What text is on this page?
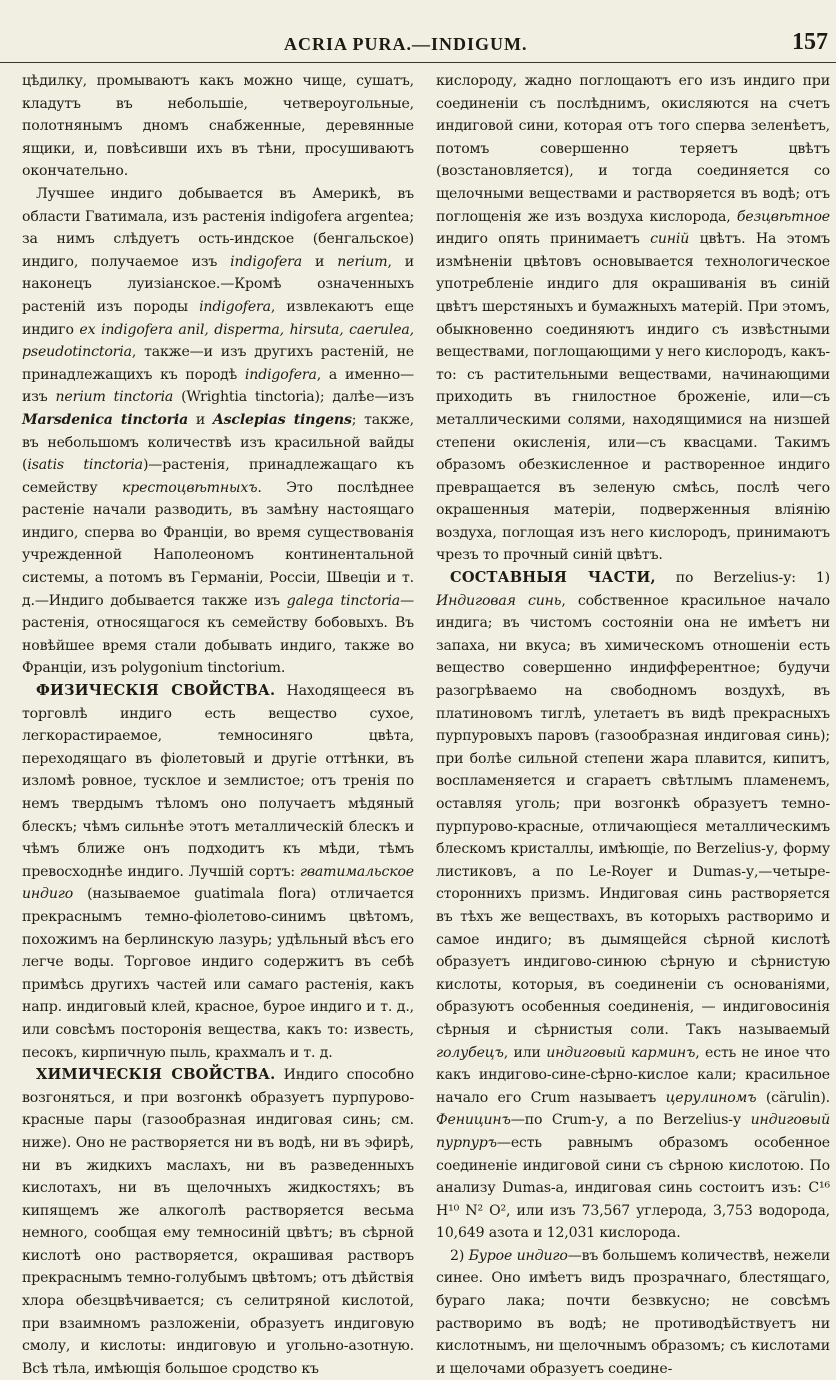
ACRIA PURA.—INDIGUM.	157

цѣдилку, промываютъ какъ можно чище, сушатъ, кладутъ въ небольшіе, четвероугольные, полотнянымъ дномъ снабженные, деревянные ящики, и, повѣсивши ихъ въ тѣни, просушиваютъ окончательно.

Лучшее индиго добывается въ Америкѣ, въ области Гватимала, изъ растенія indigofera argentea; за нимъ слѣдуетъ ость-индское (бенгальское) индиго, получаемое изъ indigofera и nerium, и наконецъ луизіанское.—Кромѣ означенныхъ растеній изъ породы indigofera, извлекаютъ еще индиго ex indigofera anil, disperma, hirsuta, caerulea, pseudotinctoria, также—и изъ другихъ растеній, не принадлежащихъ къ породѣ indigofera, а именно—изъ nerium tinctoria (Wrightia tinctoria); далѣе—изъ Marsdenica tinctoria и Asclepias tingens; также, въ небольшомъ количествѣ изъ красильной вайды (isatis tinctoria)—растенія, принадлежащаго къ семейству крестоцвѣтныхъ. Это послѣднее растеніе начали разводить, въ замѣну настоящаго индиго, сперва во Франціи, во время существованія учрежденной Наполеономъ континентальной системы, а потомъ въ Германіи, Россіи, Швеціи и т. д.—Индиго добывается также изъ galega tinctoria—растенія, относящагося къ семейству бобовыхъ. Въ новѣйшее время стали добывать индиго, также во Франціи, изъ polygonium tinctorium.

ФИЗИЧЕСКІЯ СВОЙСТВА. Находящееся въ торговлѣ индиго есть вещество сухое, легкорастираемое, темносиняго цвѣта, переходящаго въ фіолетовый и другіе оттѣнки, въ изломѣ ровное, тусклое и землистое; отъ тренія по немъ твердымъ тѣломъ оно получаетъ мѣдяный блескъ; чѣмъ сильнѣе этотъ металлическій блескъ и чѣмъ ближе онъ подходитъ къ мѣди, тѣмъ превосходнѣе индиго. Лучшій сортъ: гватимальское индиго (называемое guatimala flora) отличается прекраснымъ темно-фіолетово-синимъ цвѣтомъ, похожимъ на берлинскую лазурь; удѣльный вѣсъ его легче воды. Торговое индиго содержитъ въ себѣ примѣсь другихъ частей или самаго растенія, какъ напр. индиговый клей, красное, бурое индиго и т. д., или совсѣмъ посторонія вещества, какъ то: известь, песокъ, кирпичную пыль, крахмалъ и т. д.

ХИМИЧЕСКІЯ СВОЙСТВА. Индиго способно возгоняться, и при возгонкѣ образуетъ пурпурово-красные пары (газообразная индиговая синь; см. ниже). Оно не растворяется ни въ водѣ, ни въ эфирѣ, ни въ жидкихъ маслахъ, ни въ разведенныхъ кислотахъ, ни въ щелочныхъ жидкостяхъ; въ кипящемъ же алкоголѣ растворяется весьма немного, сообщая ему темносиній цвѣтъ; въ сѣрной кислотѣ оно растворяется, окрашивая растворъ прекраснымъ темно-голубымъ цвѣтомъ; отъ дѣйствія хлора обезцвѣчивается; съ селитряной кислотой, при взаимномъ разложеніи, образуетъ индиговую смолу, и кислоты: индиговую и угольно-азотную. Всѣ тѣла, имѣющія большое сродство къ

кислороду, жадно поглощаютъ его изъ индиго при соединеніи съ послѣднимъ, окисляются на счетъ индиговой сини, которая отъ того сперва зеленѣетъ, потомъ совершенно теряетъ цвѣтъ (возстановляется), и тогда соединяется со щелочными веществами и растворяется въ водѣ; отъ поглощенія же изъ воздуха кислорода, безцвѣтное индиго опять принимаетъ синій цвѣтъ. На этомъ измѣненіи цвѣтовъ основывается технологическое употребленіе индиго для окрашиванія въ синій цвѣтъ шерстяныхъ и бумажныхъ матерій. При этомъ, обыкновенно соединяютъ индиго съ извѣстными веществами, поглощающими у него кислородъ, какъ-то: съ растительными веществами, начинающими приходить въ гнилостное броженіе, или—съ металлическими солями, находящимися на низшей степени окисленія, или—съ квасцами. Такимъ образомъ обезкисленное и растворенное индиго превращается въ зеленую смѣсь, послѣ чего окрашенныя матеріи, подверженныя вліянію воздуха, поглощая изъ него кислородъ, принимаютъ чрезъ то прочный синій цвѣтъ.

СОСТАВНЫЯ ЧАСТИ, по Berzelius-у: 1) Индиговая синь, собственное красильное начало индига; въ чистомъ состояніи она не имѣетъ ни запаха, ни вкуса; въ химическомъ отношеніи есть вещество совершенно индифферентное; будучи разогрѣваемо на свободномъ воздухѣ, въ платиновомъ тиглѣ, улетаетъ въ видѣ прекрасныхъ пурпуровыхъ паровъ (газообразная индиговая синь); при болѣе сильной степени жара плавится, кипитъ, воспламеняется и сгараетъ свѣтлымъ пламенемъ, оставляя уголь; при возгонкѣ образуетъ темно-пурпурово-красные, отличающіеся металлическимъ блескомъ кристаллы, имѣющіе, по Berzelius-у, форму листиковъ, а по Le-Royer и Dumas-у,—четыре-стороннихъ призмъ. Индиговая синь растворяется въ тѣхъ же веществахъ, въ которыхъ растворимо и самое индиго; въ дымящейся сѣрной кислотѣ образуетъ индигово-синюю сѣрную и сѣрнистую кислоты, которыя, въ соединеніи съ основаніями, образуютъ особенныя соединенія, — индиговосинія сѣрныя и сѣрнистыя соли. Такъ называемый голубецъ, или индиговый карминъ, есть не иное что какъ индигово-сине-сѣрно-кислое кали; красильное начало его Crum называетъ церулиномъ (cärulin). Феницинъ—по Crum-у, а по Berzelius-у индиговый пурпуръ—есть равнымъ образомъ особенное соединеніе индиговой сини съ сѣрною кислотою. По анализу Dumas-а, индиговая синь состоитъ изъ: C¹⁶ H¹⁰ N² O², или изъ 73,567 углерода, 3,753 водорода, 10,649 азота и 12,031 кислорода.

2) Бурое индиго—въ большемъ количествѣ, нежели синее. Оно имѣетъ видъ прозрачнаго, блестящаго, бураго лака; почти безвкусно; не совсѣмъ растворимо въ водѣ; не противодѣйствуетъ ни кислотнымъ, ни щелочнымъ образомъ; съ кислотами и щелочами образуетъ соедине-
